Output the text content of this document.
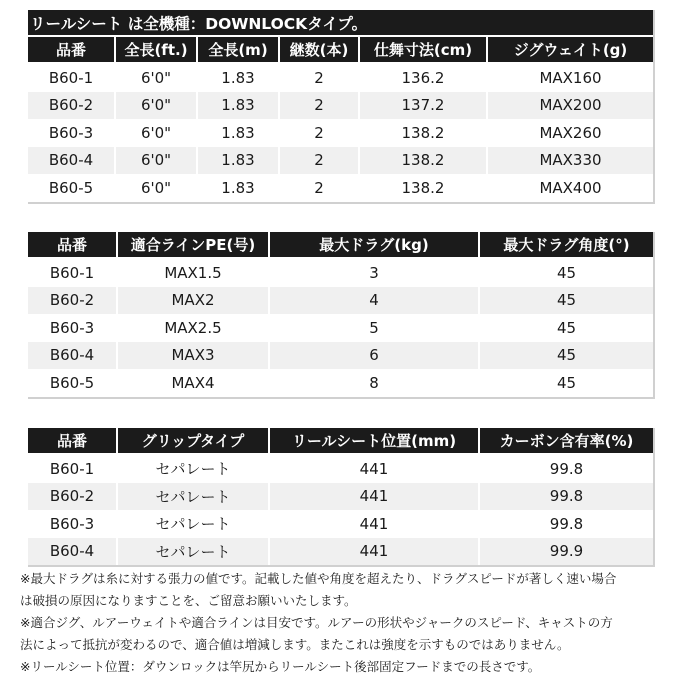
リールシート は全機種：DOWNLOCKタイプ。					
品番	全長(ft.)	全長(m)	継数(本)	仕舞寸法(cm)	ジグウェイト(g)
B60-1	6'0"	1.83	2	136.2	MAX160
B60-2	6'0"	1.83	2	137.2	MAX200
B60-3	6'0"	1.83	2	138.2	MAX260
B60-4	6'0"	1.83	2	138.2	MAX330
B60-5	6'0"	1.83	2	138.2	MAX400
品番	適合ラインPE(号)	最大ドラグ(kg)	最大ドラグ角度(°)
B60-1	MAX1.5	3	45
B60-2	MAX2	4	45
B60-3	MAX2.5	5	45
B60-4	MAX3	6	45
B60-5	MAX4	8	45
品番	グリップタイプ	リールシート位置(mm)	カーボン含有率(%)
B60-1	セパレート	441	99.8
B60-2	セパレート	441	99.8
B60-3	セパレート	441	99.8
B60-4	セパレート	441	99.9

※最大ドラグは糸に対する張力の値です。記載した値や角度を超えたり、ドラグスピードが著しく速い場合

は破損の原因になりますことを、ご留意お願いいたします。

※適合ジグ、ルアーウェイトや適合ラインは目安です。ルアーの形状やジャークのスピード、キャストの方

法によって抵抗が変わるので、適合値は増減します。またこれは強度を示すものではありません。

※リールシート位置：ダウンロックは竿尻からリールシート後部固定フードまでの長さです。
